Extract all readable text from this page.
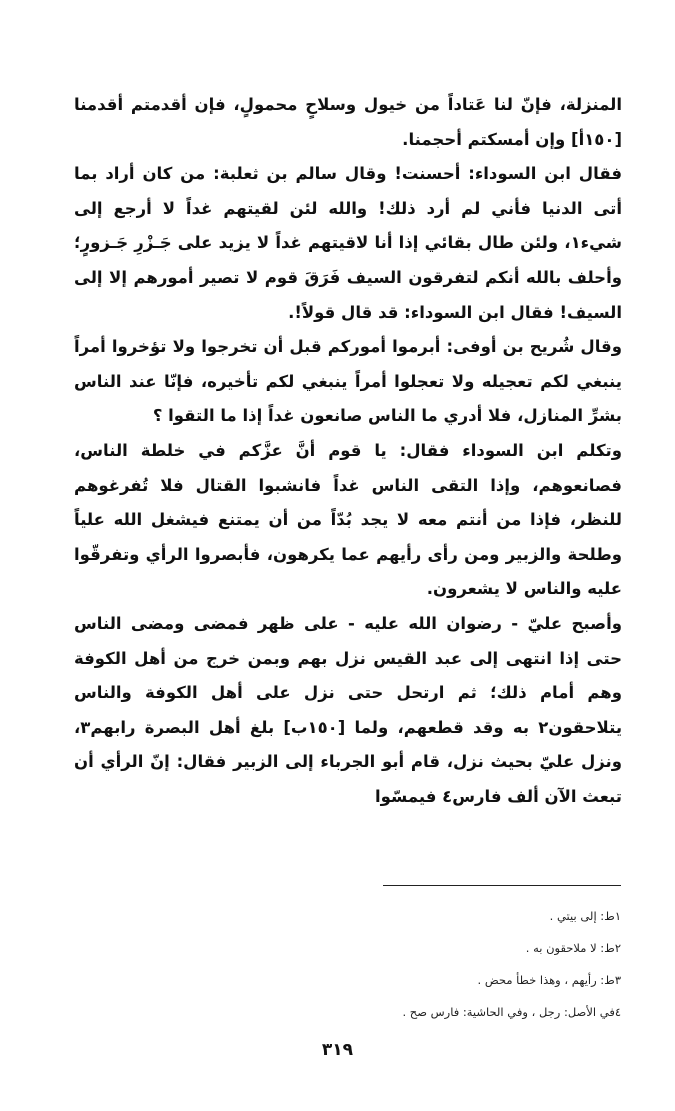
المنزلة، فإنّ لنا عَتاداً من خيول وسلاحٍ محمولٍ، فإن أقدمتم أقدمنا [١٥٠أ] وإن أمسكتم أحجمنا.

فقال ابن السوداء: أحسنت! وقال سالم بن ثعلبة: من كان أراد بما أتى الدنيا فأني لم أرد ذلك! والله لئن لقيتهم غداً لا أرجع إلى شيء١، ولئن طال بقائي إذا أنا لاقيتهم غداً لا يزيد على جَـزْرِ جَـزورٍ؛ وأحلف بالله أنكم لتفرقون السيف فَرَقَ قوم لا تصير أمورهم إلا إلى السيف! فقال ابن السوداء: قد قال قولاً!.

وقال شُريح بن أوفى: أبرموا أموركم قبل أن تخرجوا ولا تؤخروا أمراً ينبغي لكم تعجيله ولا تعجلوا أمراً ينبغي لكم تأخيره، فإنّا عند الناس بشرِّ المنازل، فلا أدري ما الناس صانعون غداً إذا ما التقوا ؟

وتكلم ابن السوداء فقال: يا قوم أنَّ عزَّكم في خلطة الناس، فصانعوهم، وإذا التقى الناس غداً فانشبوا القتال فلا تُفرغوهم للنظر، فإذا من أنتم معه لا يجد بُدّاً من أن يمتنع فيشغل الله علياً وطلحة والزبير ومن رأى رأيهم عما يكرهون، فأبصروا الرأي وتفرقّوا عليه والناس لا يشعرون.

وأصبح عليّ - رضوان الله عليه - على ظهر فمضى ومضى الناس حتى إذا انتهى إلى عبد القيس نزل بهم وبمن خرج من أهل الكوفة وهم أمام ذلك؛ ثم ارتحل حتى نزل على أهل الكوفة والناس يتلاحقون٢ به وقد قطعهم، ولما [١٥٠ب] بلغ أهل البصرة رابهم٣، ونزل عليّ بحيث نزل، قام أبو الجرباء إلى الزبير فقال: إنّ الرأي أن تبعث الآن ألف فارس٤ فيمسّوا

١ط: إلى بيتي .
٢ط: لا ملاحقون به .
٣ط: رأيهم ، وهذا خطأ محض .
٤في الأصل: رجل ، وفي الحاشية: فارس صح .
٣١٩
